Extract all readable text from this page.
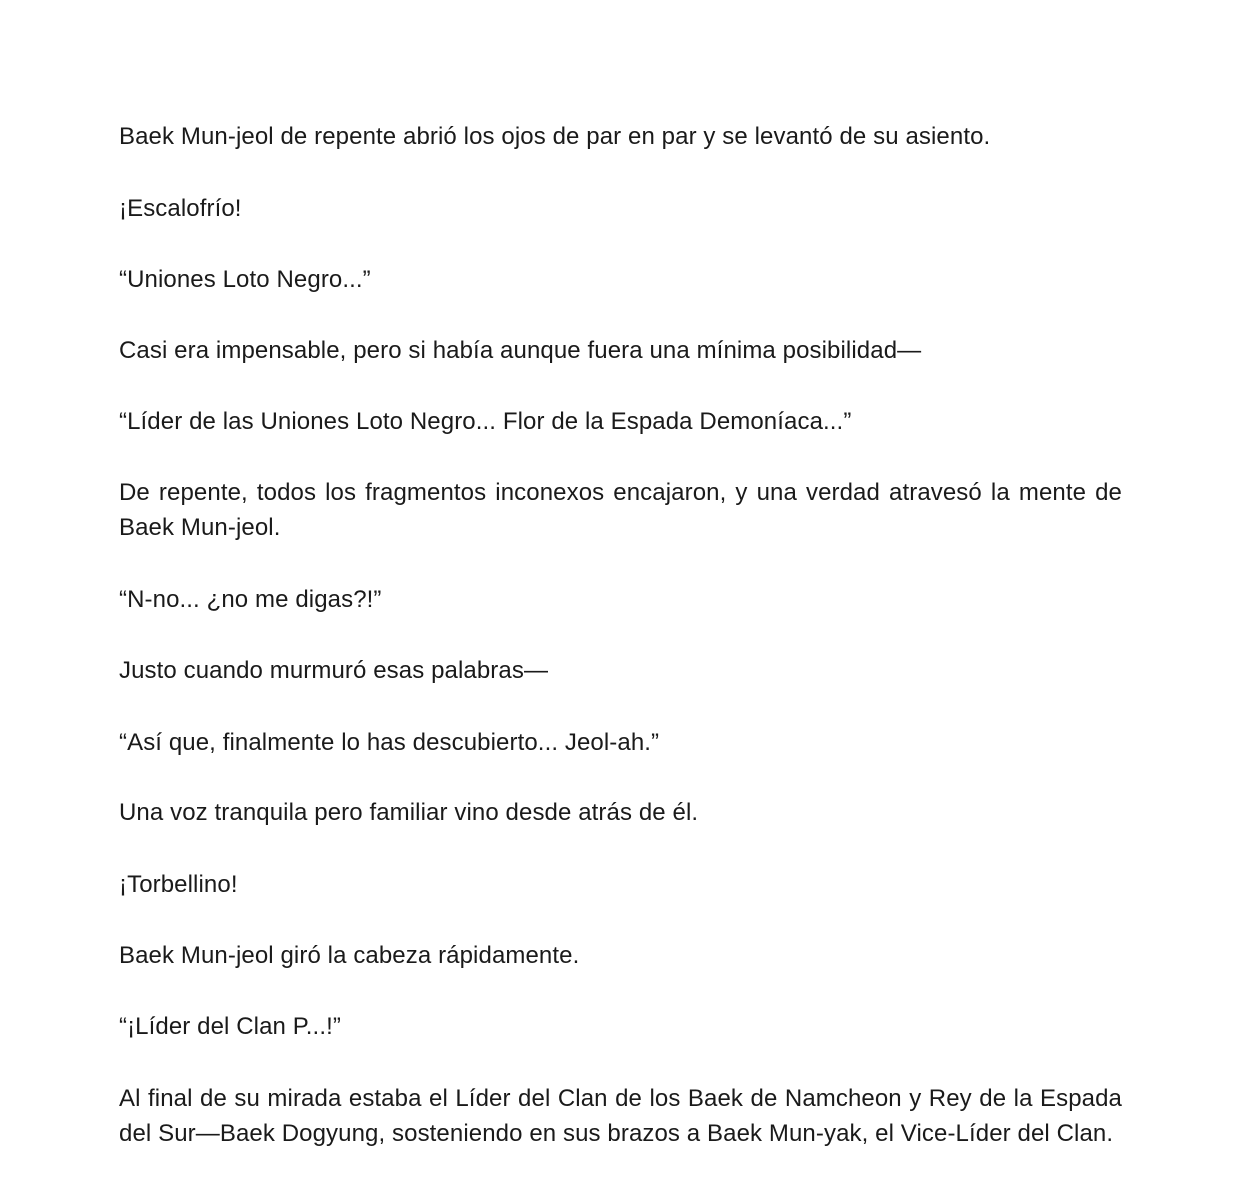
Baek Mun-jeol de repente abrió los ojos de par en par y se levantó de su asiento.

¡Escalofrío!

“Uniones Loto Negro...”

Casi era impensable, pero si había aunque fuera una mínima posibilidad—

“Líder de las Uniones Loto Negro... Flor de la Espada Demoníaca...”

De repente, todos los fragmentos inconexos encajaron, y una verdad atravesó la mente de Baek Mun-jeol.

“N-no... ¿no me digas?!”

Justo cuando murmuró esas palabras—

“Así que, finalmente lo has descubierto... Jeol-ah.”

Una voz tranquila pero familiar vino desde atrás de él.

¡Torbellino!

Baek Mun-jeol giró la cabeza rápidamente.

“¡Líder del Clan P...!”

Al final de su mirada estaba el Líder del Clan de los Baek de Namcheon y Rey de la Espada del Sur—Baek Dogyung, sosteniendo en sus brazos a Baek Mun-yak, el Vice-Líder del Clan.
